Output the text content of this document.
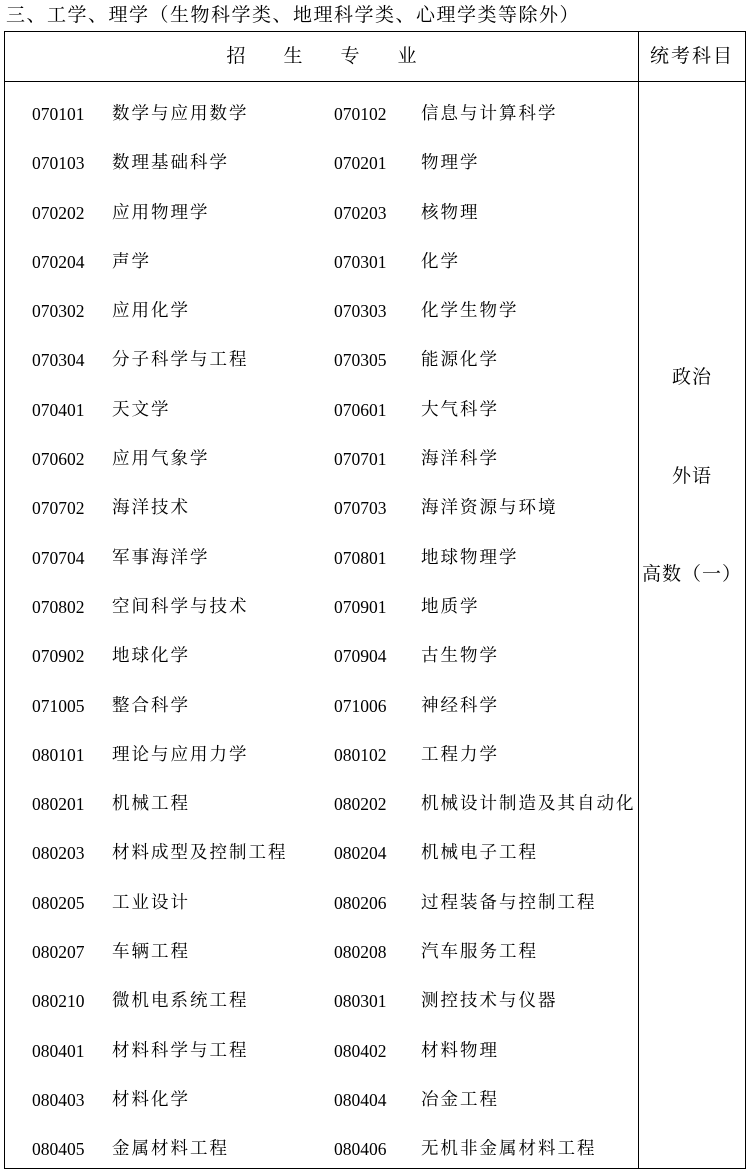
三、工学、理学（生物科学类、地理科学类、心理学类等除外）
招生专业	统考科目
070101 数学与应用数学	070102 信息与计算科学
070103 数理基础科学	070201 物理学
070202 应用物理学	070203 核物理
070204 声学	070301 化学
070302 应用化学	070303 化学生物学
070304 分子科学与工程	070305 能源化学
070401 天文学	070601 大气科学
070602 应用气象学	070701 海洋科学
070702 海洋技术	070703 海洋资源与环境
070704 军事海洋学	070801 地球物理学
070802 空间科学与技术	070901 地质学
070902 地球化学	070904 古生物学
071005 整合科学	071006 神经科学
080101 理论与应用力学	080102 工程力学
080201 机械工程	080202 机械设计制造及其自动化
080203 材料成型及控制工程	080204 机械电子工程
080205 工业设计	080206 过程装备与控制工程
080207 车辆工程	080208 汽车服务工程
080210 微机电系统工程	080301 测控技术与仪器
080401 材料科学与工程	080402 材料物理
080403 材料化学	080404 冶金工程
080405 金属材料工程	080406 无机非金属材料工程
政治
外语
高数（一）
